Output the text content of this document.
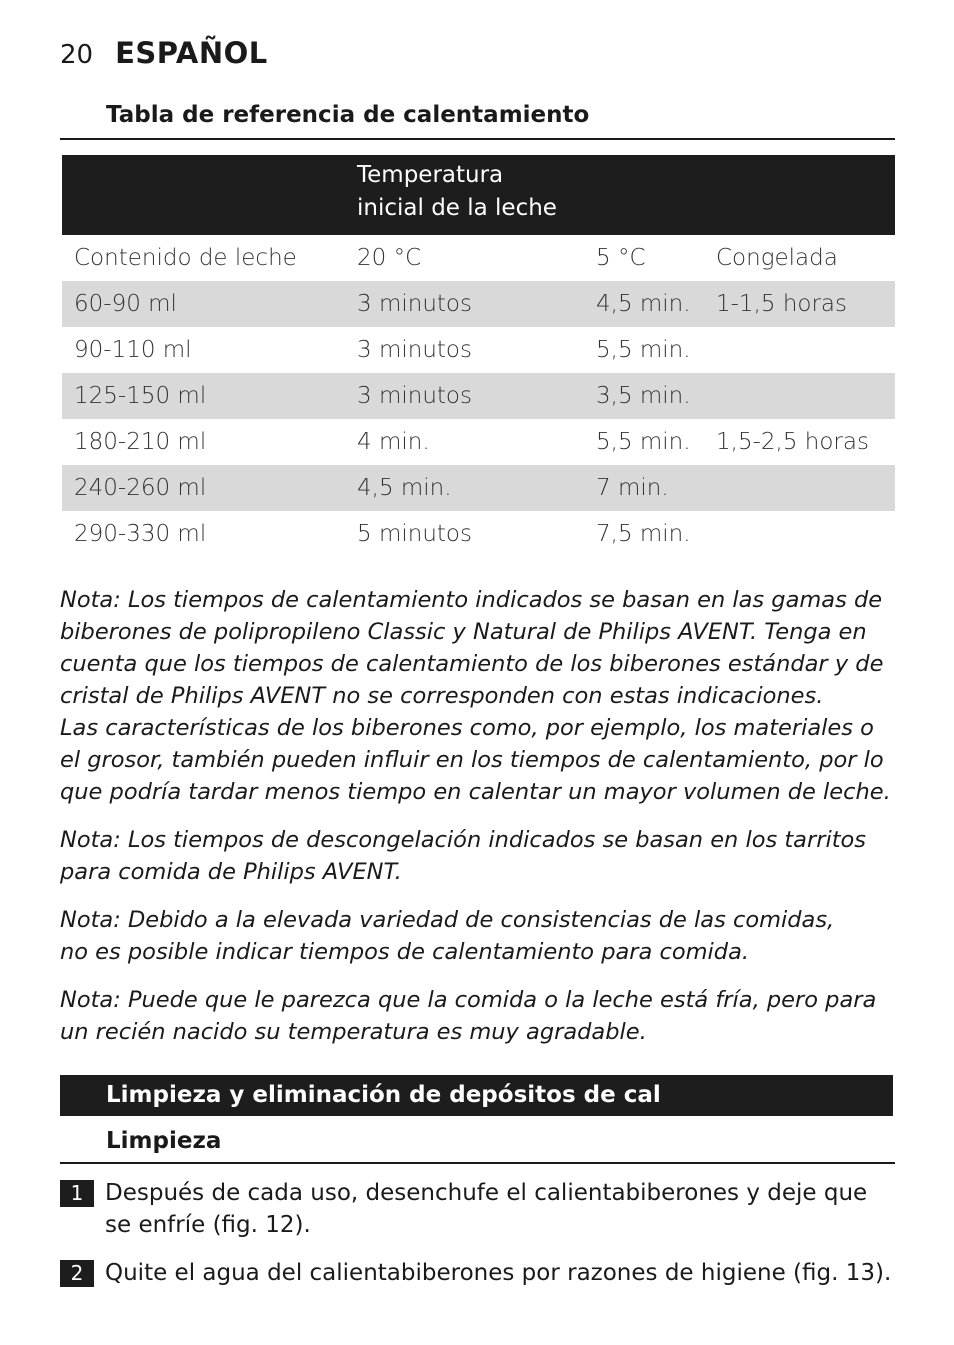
20 ESPAÑOL
Tabla de referencia de calentamiento
	Temperatura
inicial de la leche		
Contenido de leche	20 °C	5 °C	Congelada
60-90 ml	3 minutos	4,5 min.	1-1,5 horas
90-110 ml	3 minutos	5,5 min.	
125-150 ml	3 minutos	3,5 min.	
180-210 ml	4 min.	5,5 min.	1,5-2,5 horas
240-260 ml	4,5 min.	7 min.	
290-330 ml	5 minutos	7,5 min.	

Nota: Los tiempos de calentamiento indicados se basan en las gamas de biberones de polipropileno Classic y Natural de Philips AVENT. Tenga en cuenta que los tiempos de calentamiento de los biberones estándar y de cristal de Philips AVENT no se corresponden con estas indicaciones.
Las características de los biberones como, por ejemplo, los materiales o el grosor, también pueden influir en los tiempos de calentamiento, por lo que podría tardar menos tiempo en calentar un mayor volumen de leche.

Nota: Los tiempos de descongelación indicados se basan en los tarritos para comida de Philips AVENT.

Nota: Debido a la elevada variedad de consistencias de las comidas,
no es posible indicar tiempos de calentamiento para comida.

Nota: Puede que le parezca que la comida o la leche está fría, pero para un recién nacido su temperatura es muy agradable.

Limpieza y eliminación de depósitos de cal
Limpieza
1 Después de cada uso, desenchufe el calientabiberones y deje que se enfríe (fig. 12).
2 Quite el agua del calientabiberones por razones de higiene (fig. 13).
